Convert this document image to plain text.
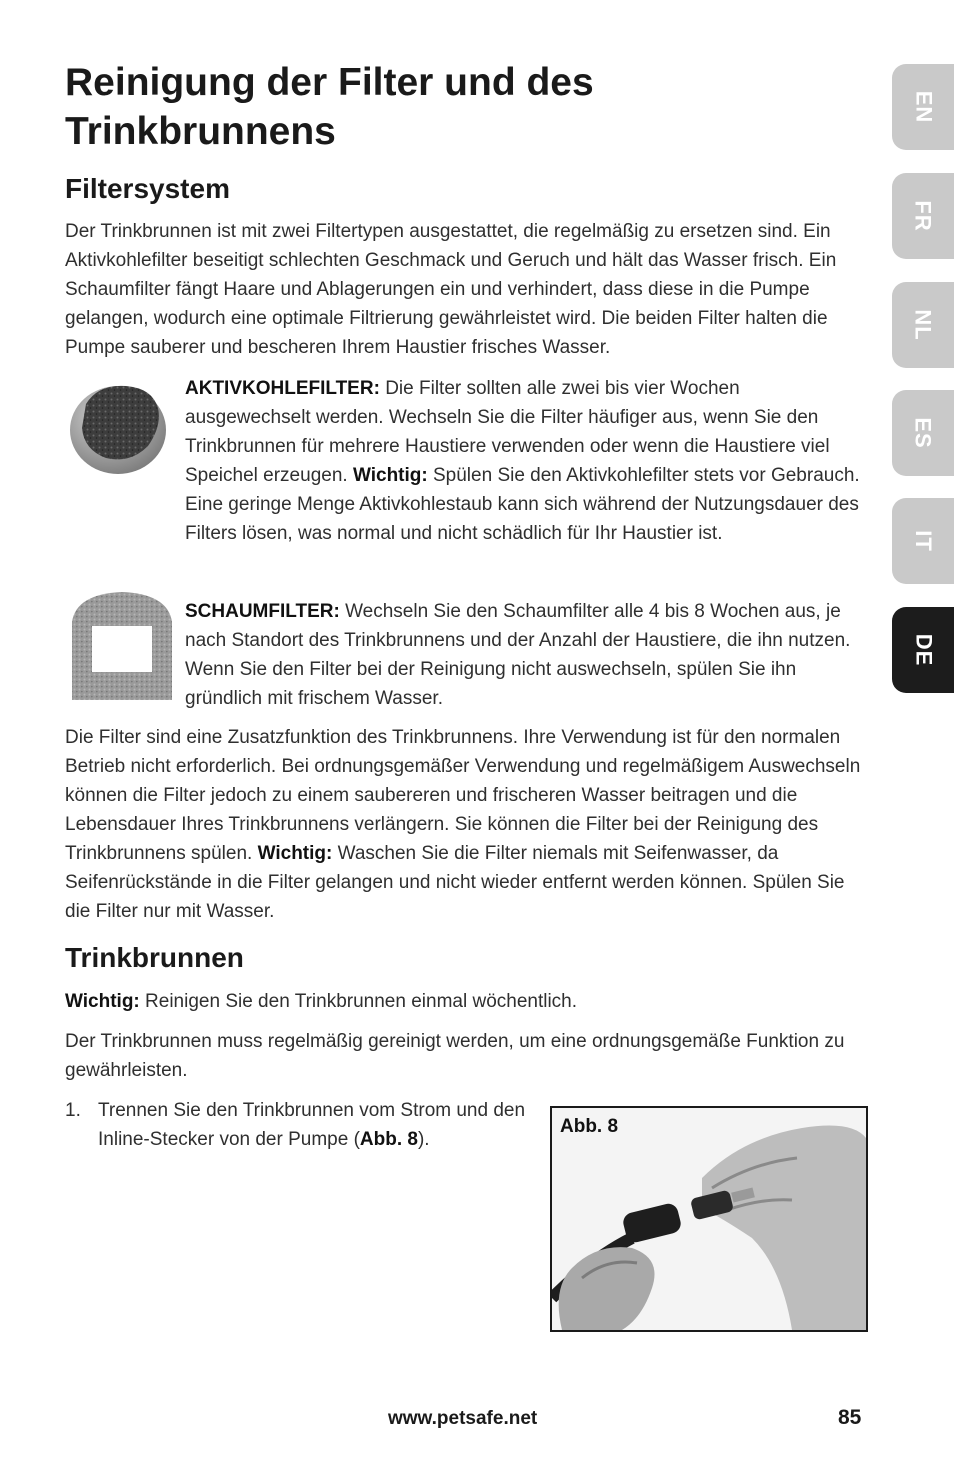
Reinigung der Filter und des Trinkbrunnens
Filtersystem

Der Trinkbrunnen ist mit zwei Filtertypen ausgestattet, die regelmäßig zu ersetzen sind. Ein Aktivkohlefilter beseitigt schlechten Geschmack und Geruch und hält das Wasser frisch. Ein Schaumfilter fängt Haare und Ablagerungen ein und verhindert, dass diese in die Pumpe gelangen, wodurch eine optimale Filtrierung gewährleistet wird. Die beiden Filter halten die Pumpe sauberer und bescheren Ihrem Haustier frisches Wasser.

AKTIVKOHLEFILTER: Die Filter sollten alle zwei bis vier Wochen ausgewechselt werden. Wechseln Sie die Filter häufiger aus, wenn Sie den Trinkbrunnen für mehrere Haustiere verwenden oder wenn die Haustiere viel Speichel erzeugen. Wichtig: Spülen Sie den Aktivkohlefilter stets vor Gebrauch. Eine geringe Menge Aktivkohlestaub kann sich während der Nutzungsdauer des Filters lösen, was normal und nicht schädlich für Ihr Haustier ist.

SCHAUMFILTER: Wechseln Sie den Schaumfilter alle 4 bis 8 Wochen aus, je nach Standort des Trinkbrunnens und der Anzahl der Haustiere, die ihn nutzen. Wenn Sie den Filter bei der Reinigung nicht auswechseln, spülen Sie ihn gründlich mit frischem Wasser.

Die Filter sind eine Zusatzfunktion des Trinkbrunnens. Ihre Verwendung ist für den normalen Betrieb nicht erforderlich. Bei ordnungsgemäßer Verwendung und regelmäßigem Auswechseln können die Filter jedoch zu einem saubereren und frischeren Wasser beitragen und die Lebensdauer Ihres Trinkbrunnens verlängern. Sie können die Filter bei der Reinigung des Trinkbrunnens spülen. Wichtig: Waschen Sie die Filter niemals mit Seifenwasser, da Seifenrückstände in die Filter gelangen und nicht wieder entfernt werden können. Spülen Sie die Filter nur mit Wasser.

Trinkbrunnen

Wichtig: Reinigen Sie den Trinkbrunnen einmal wöchentlich.

Der Trinkbrunnen muss regelmäßig gereinigt werden, um eine ordnungsgemäße Funktion zu gewährleisten.

1. Trennen Sie den Trinkbrunnen vom Strom und den Inline-Stecker von der Pumpe (Abb. 8).

Abb. 8
EN
FR
NL
ES
IT
DE
www.petsafe.net	85
